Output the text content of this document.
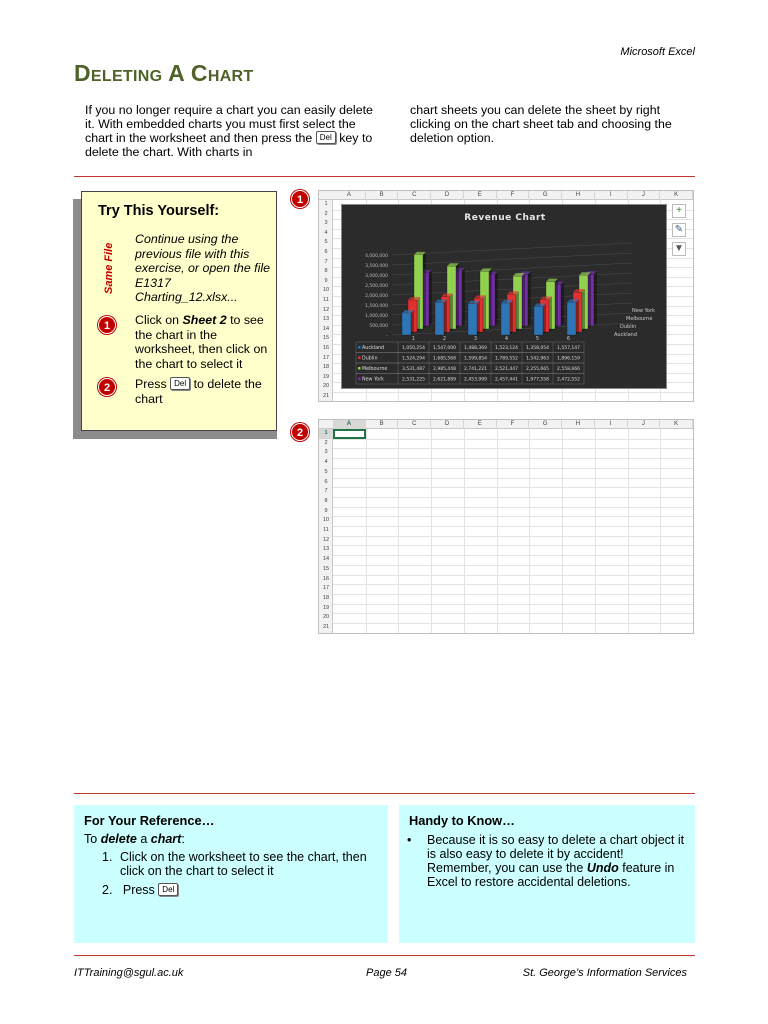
Microsoft Excel
Deleting A Chart
If you no longer require a chart you can easily delete it. With embedded charts you must first select the chart in the worksheet and then press the Del key to delete the chart. With charts in
chart sheets you can delete the sheet by right clicking on the chart sheet tab and choosing the deletion option.
Try This Yourself:
Same File
Continue using the previous file with this exercise, or open the file E1317 Charting_12.xlsx...
1	Click on Sheet 2 to see the chart in the worksheet, then click on the chart to select it
2	Press Del to delete the chart
1	A	B	C	D	E	F	G	H	I	J	K
1
2
3
4
5
6
7
8
9
10
11
12
13
14
15
16
17
18
19
20
21
Revenue Chart
4,000,000
3,500,000
3,000,000
2,500,000
2,000,000
1,500,000
1,000,000
500,000
-
New York
Melbourne
Dublin
Auckland
1	2	3	4	5	6
Auckland	1,050,254 1,547,000 1,488,369 1,523,124 1,358,054 1,557,147
Dublin	1,524,294 1,685,568 1,599,854 1,789,552 1,542,963 1,896,159
Melbourne	3,531,487 2,985,448 2,741,221 2,521,447 2,255,665 2,558,666
New York	2,531,225 2,621,889 2,453,999 2,457,441 1,977,558 2,472,552
+
✎
▼
2
A	B	C	D	E	F	G	H	I	J	K
1
2
3
4
5
6
7
8
9
10
11
12
13
14
15
16
17
18
19
20
21
For Your Reference…
To delete a chart:
1. Click on the worksheet to see the chart, then click on the chart to select it
2. Press Del
Handy to Know…
•	Because it is so easy to delete a chart object it is also easy to delete it by accident! Remember, you can use the Undo feature in Excel to restore accidental deletions.
ITTraining@sgul.ac.uk	Page 54	St. George’s Information Services
